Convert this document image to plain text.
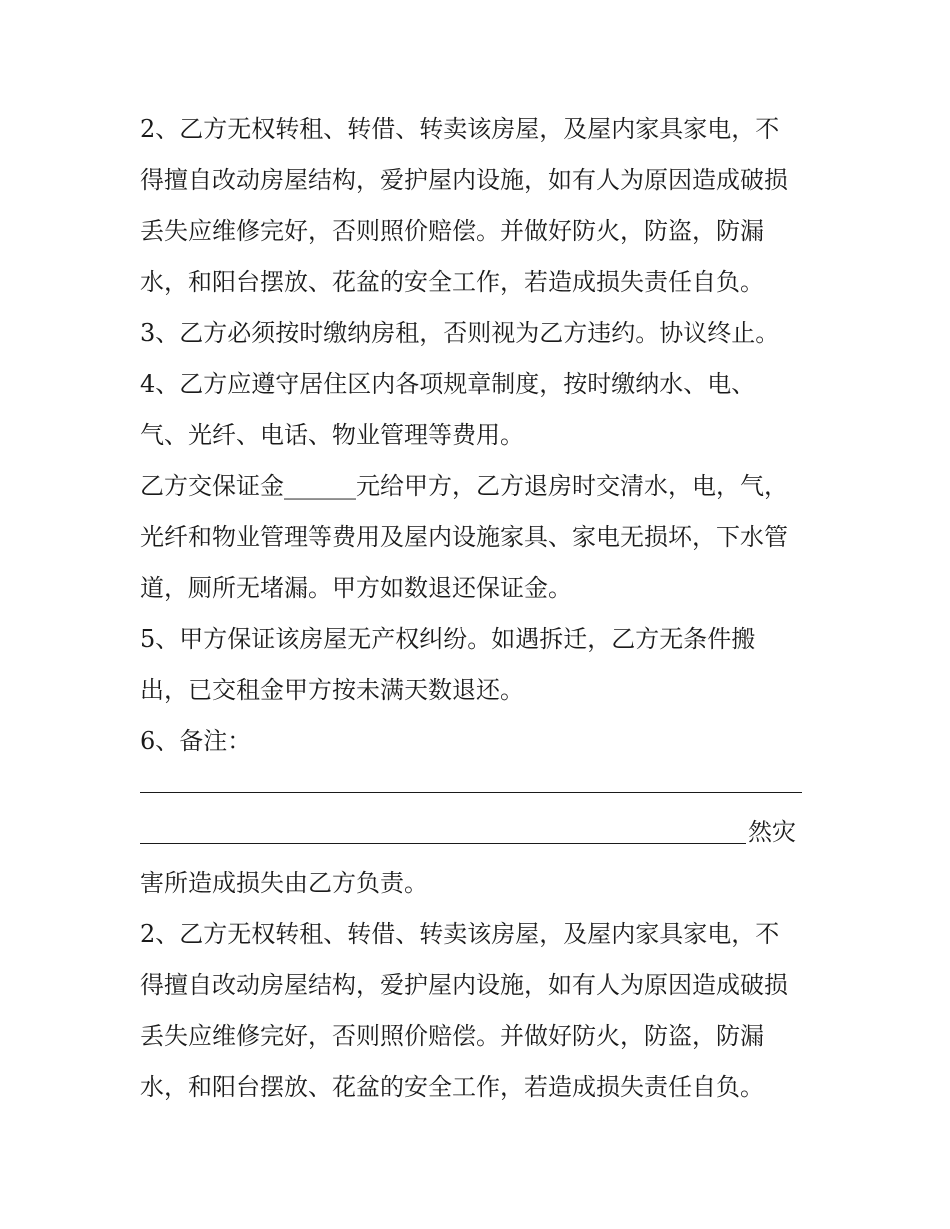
2、乙方无权转租、转借、转卖该房屋，及屋内家具家电，不
得擅自改动房屋结构，爱护屋内设施，如有人为原因造成破损
丢失应维修完好，否则照价赔偿。并做好防火，防盗，防漏
水，和阳台摆放、花盆的安全工作，若造成损失责任自负。
3、乙方必须按时缴纳房租，否则视为乙方违约。协议终止。
4、乙方应遵守居住区内各项规章制度，按时缴纳水、电、
气、光纤、电话、物业管理等费用。
乙方交保证金______元给甲方，乙方退房时交清水，电，气，
光纤和物业管理等费用及屋内设施家具、家电无损坏，下水管
道，厕所无堵漏。甲方如数退还保证金。
5、甲方保证该房屋无产权纠纷。如遇拆迁，乙方无条件搬
出，已交租金甲方按未满天数退还。
6、备注：
然灾
害所造成损失由乙方负责。
2、乙方无权转租、转借、转卖该房屋，及屋内家具家电，不
得擅自改动房屋结构，爱护屋内设施，如有人为原因造成破损
丢失应维修完好，否则照价赔偿。并做好防火，防盗，防漏
水，和阳台摆放、花盆的安全工作，若造成损失责任自负。
